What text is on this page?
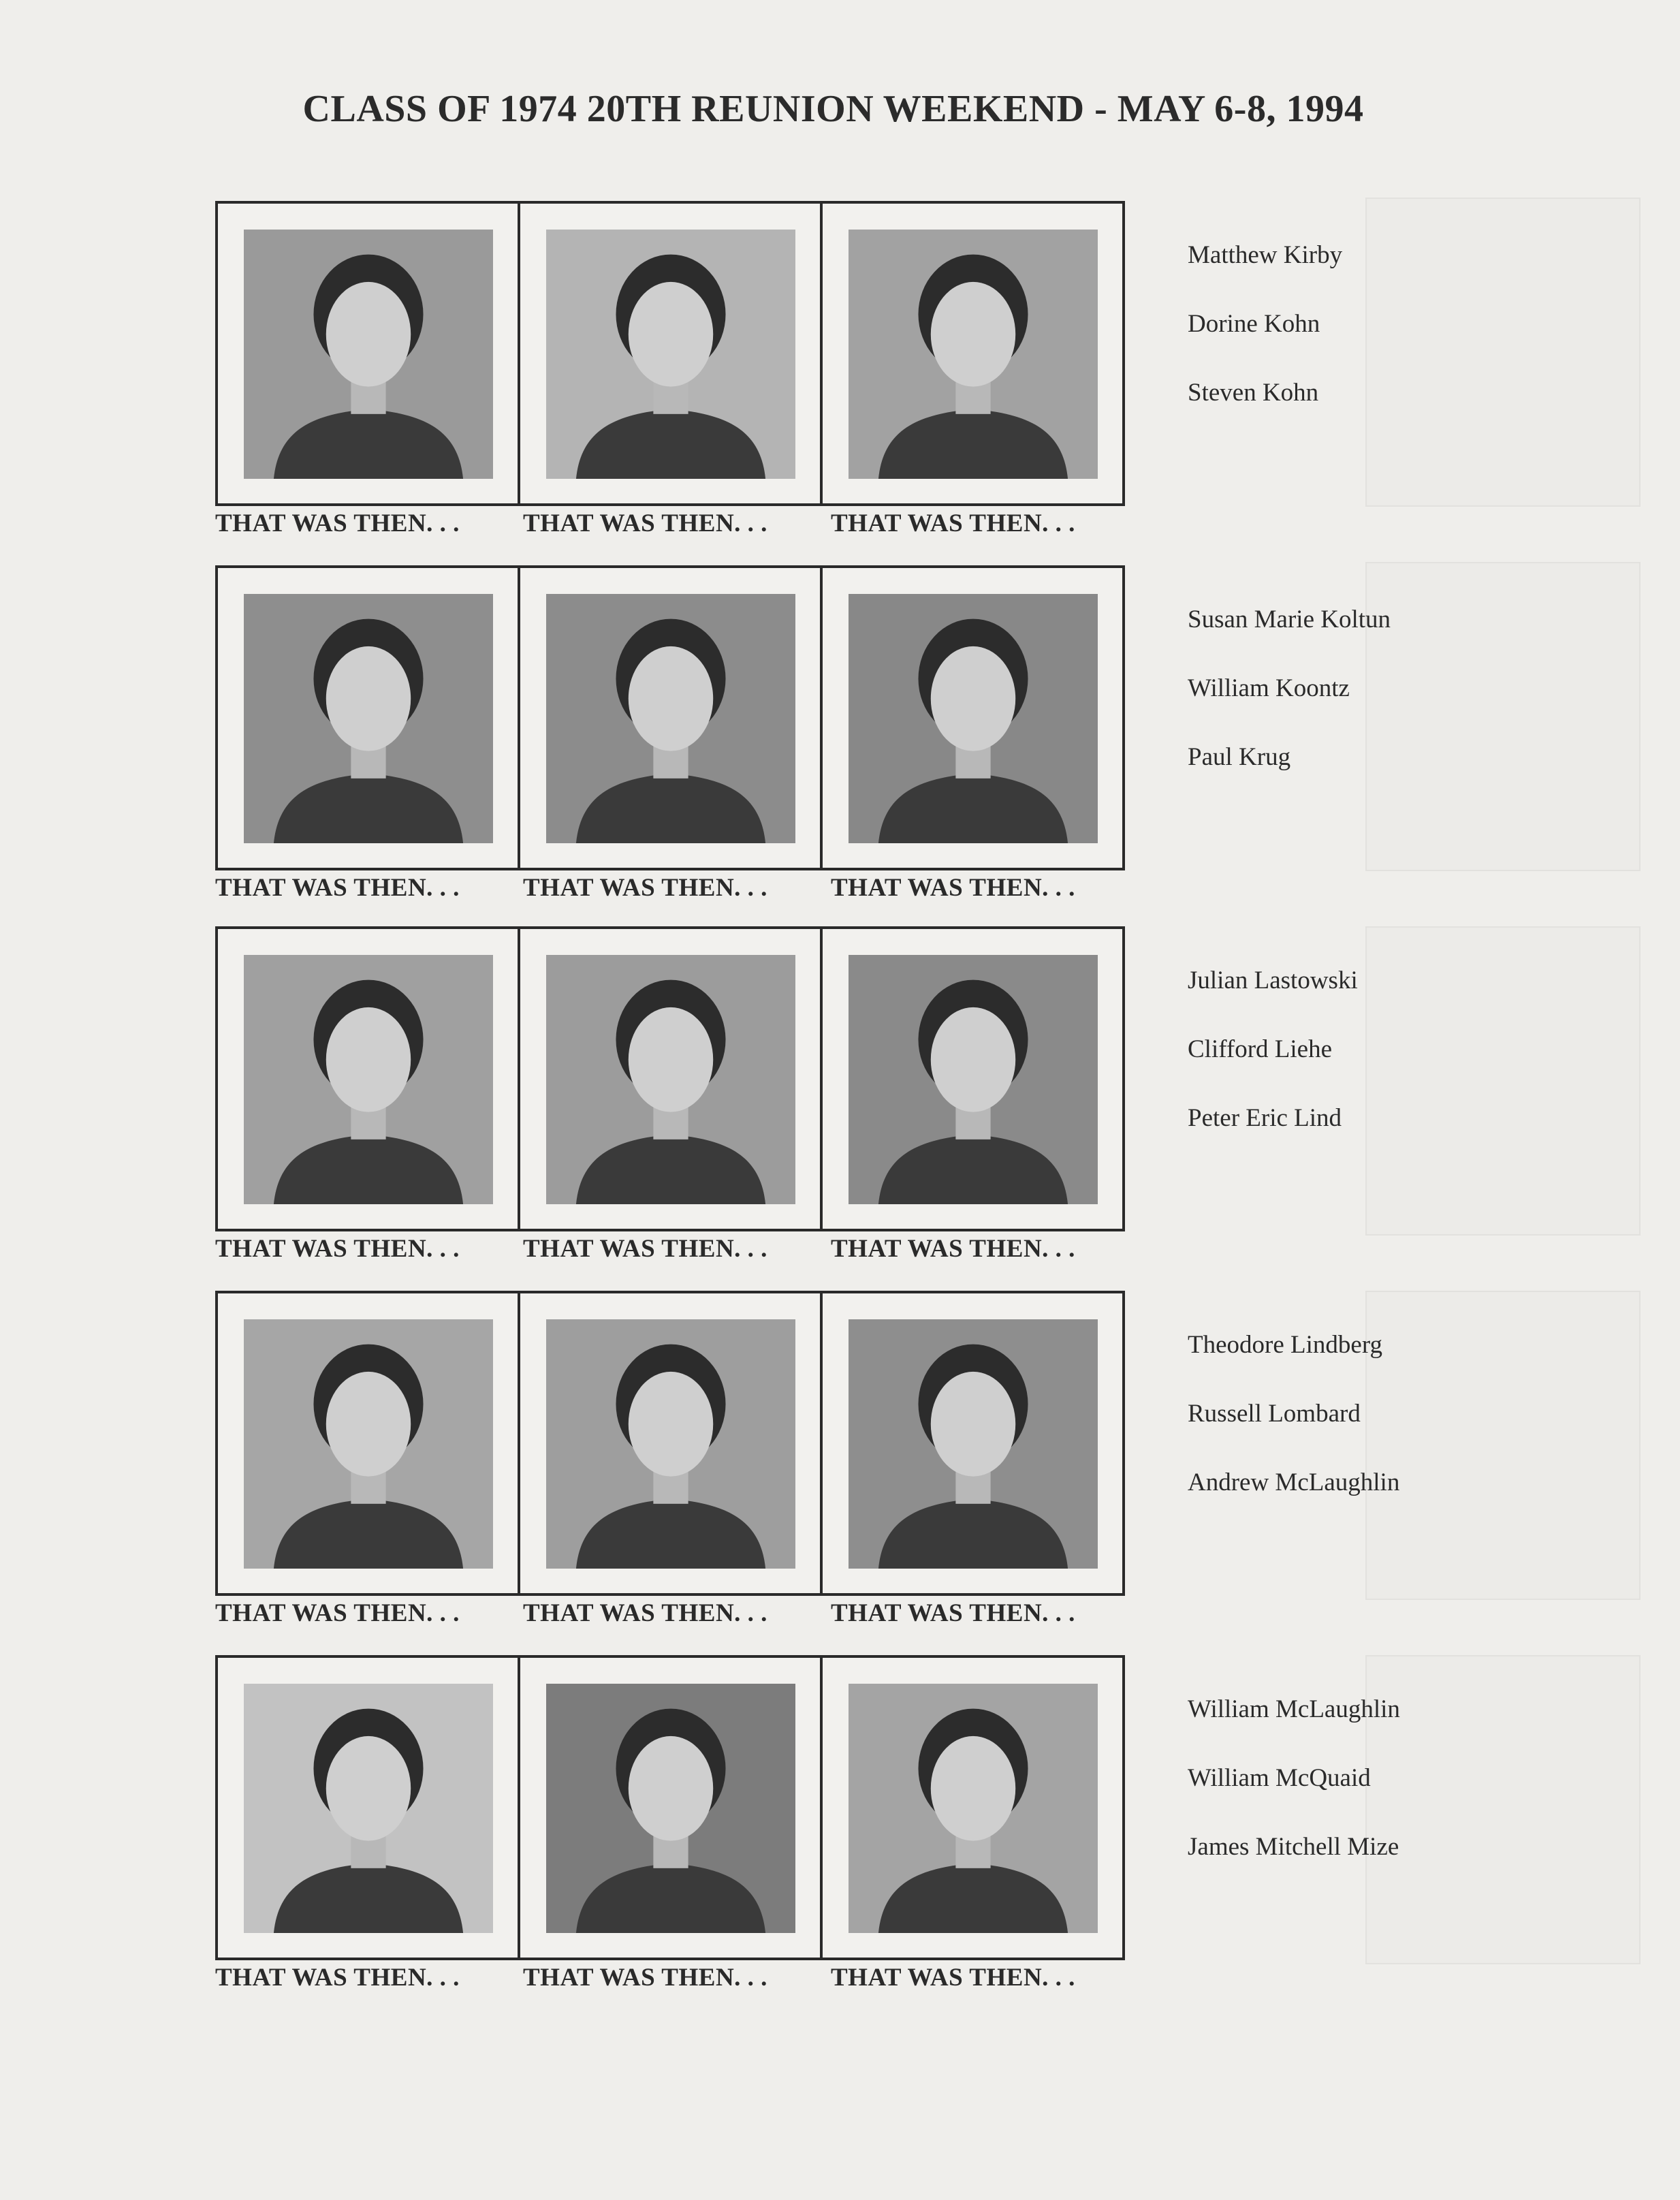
CLASS OF 1974 20TH REUNION WEEKEND - MAY 6-8, 1994
THAT WAS THEN. . .	THAT WAS THEN. . .	THAT WAS THEN. . .
Matthew Kirby
Dorine Kohn
Steven Kohn
THAT WAS THEN. . .	THAT WAS THEN. . .	THAT WAS THEN. . .
Susan Marie Koltun
William Koontz
Paul Krug
THAT WAS THEN. . .	THAT WAS THEN. . .	THAT WAS THEN. . .
Julian Lastowski
Clifford Liehe
Peter Eric Lind
THAT WAS THEN. . .	THAT WAS THEN. . .	THAT WAS THEN. . .
Theodore Lindberg
Russell Lombard
Andrew McLaughlin
THAT WAS THEN. . .	THAT WAS THEN. . .	THAT WAS THEN. . .
William McLaughlin
William McQuaid
James Mitchell Mize
